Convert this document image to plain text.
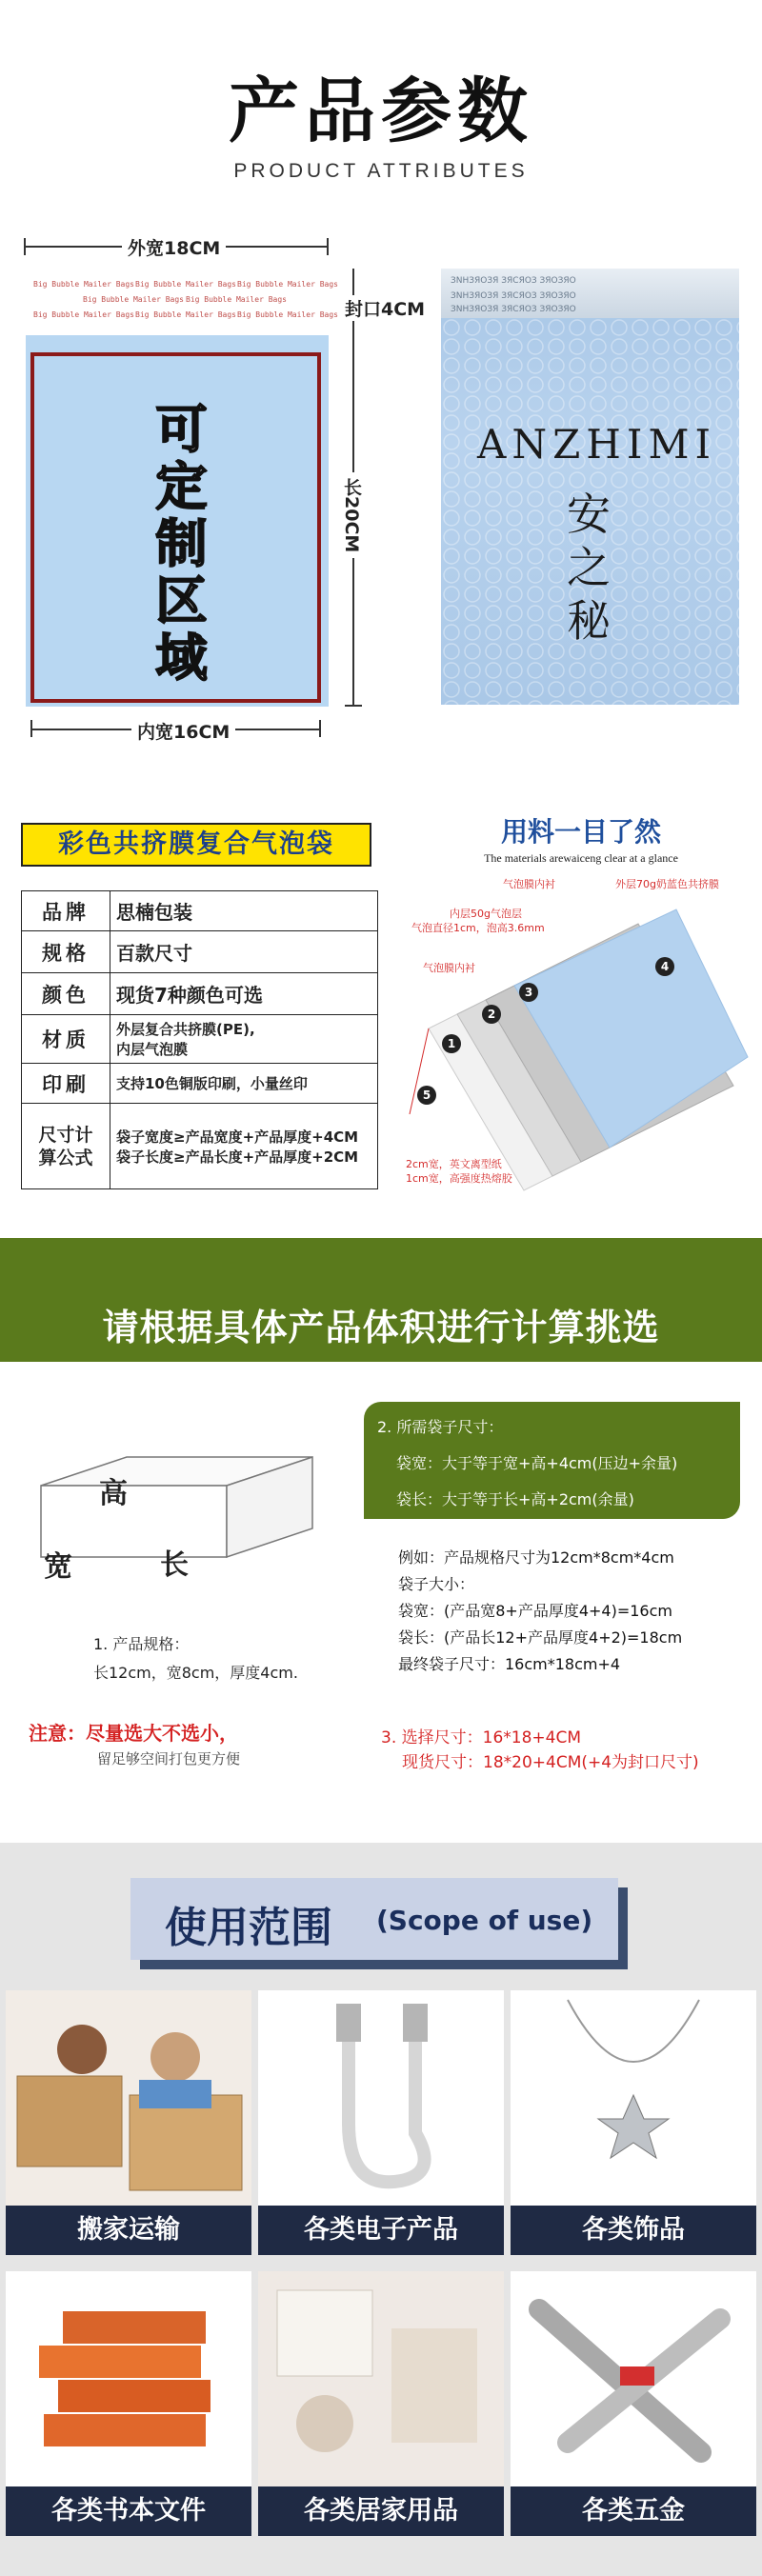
产品参数
PRODUCT ATTRIBUTES
外宽18CM
Big Bubble Mailer Bags Big Bubble Mailer Bags Big Bubble Mailer Bags
Big Bubble Mailer Bags Big Bubble Mailer Bags
Big Bubble Mailer Bags Big Bubble Mailer Bags Big Bubble Mailer Bags
可定制区域
封口4CM
长20CM
内宽16CM
ЗNHЗЯОЗЯ ЗЯСЯОЗ ЗЯОЗЯО
ЗNHЗЯОЗЯ ЗЯСЯОЗ ЗЯОЗЯО
ЗNHЗЯОЗЯ ЗЯСЯОЗ ЗЯОЗЯО
ANZHIMI
安
之
秘
彩色共挤膜复合气泡袋
品牌	思楠包装
规格	百款尺寸
颜色	现货7种颜色可选
材质	外层复合共挤膜(PE),
内层气泡膜

印刷	支持10色铜版印刷，小量丝印
尺寸计算公式	袋子宽度≥产品宽度+产品厚度+4CM
袋子长度≥产品长度+产品厚度+2CM
用料一目了然
The materials arewaiceng clear at a glance
内层50g气泡层
气泡直径1cm，泡高3.6mm
气泡膜内衬
气泡膜内衬
外层70g奶蓝色共挤膜
2cm宽，英文离型纸
1cm宽，高强度热熔胶
1
2
3
4
5
请根据具体产品体积进行计算挑选
高
宽	长
1. 产品规格：
长12cm，宽8cm，厚度4cm.
2. 所需袋子尺寸：
袋宽：大于等于宽+高+4cm(压边+余量)
袋长：大于等于长+高+2cm(余量)
例如：产品规格尺寸为12cm*8cm*4cm
袋子大小：
袋宽：(产品宽8+产品厚度4+4)=16cm
袋长：(产品长12+产品厚度4+2)=18cm
最终袋子尺寸：16cm*18cm+4
注意：尽量选大不选小，
留足够空间打包更方便
3. 选择尺寸：16*18+4CM
现货尺寸：18*20+4CM(+4为封口尺寸)
使用范围 (Scope of use)
搬家运输	各类电子产品	各类饰品
各类书本文件	各类居家用品	各类五金
